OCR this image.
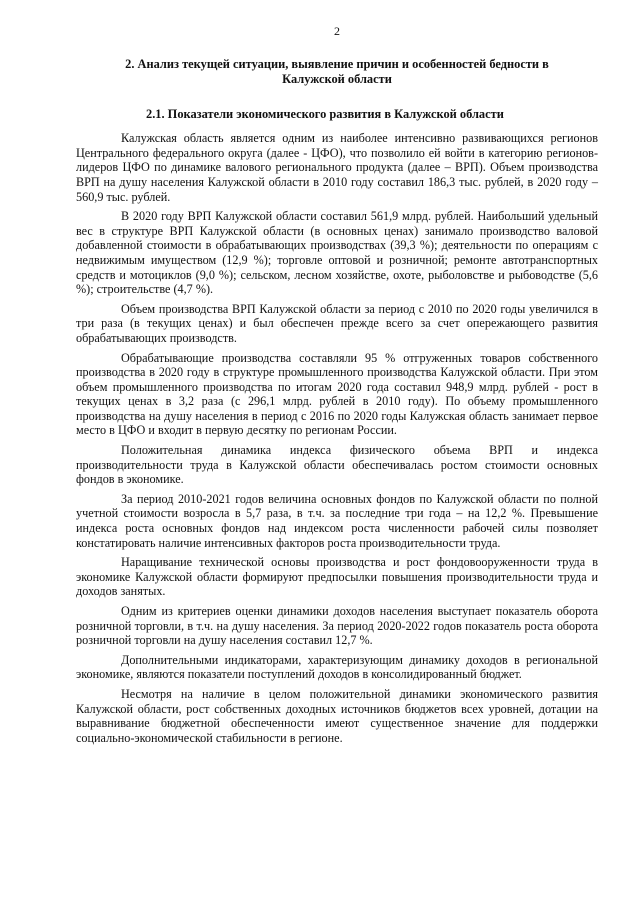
2
2. Анализ текущей ситуации, выявление причин и особенностей бедности в Калужской области
2.1. Показатели экономического развития в Калужской области

Калужская область является одним из наиболее интенсивно развивающихся регионов Центрального федерального округа (далее - ЦФО), что позволило ей войти в категорию регионов-лидеров ЦФО по динамике валового регионального продукта (далее – ВРП). Объем производства ВРП на душу населения Калужской области в 2010 году составил 186,3 тыс. рублей, в 2020 году – 560,9 тыс. рублей.

В 2020 году ВРП Калужской области составил 561,9 млрд. рублей. Наибольший удельный вес в структуре ВРП Калужской области (в основных ценах) занимало производство валовой добавленной стоимости в обрабатывающих производствах (39,3 %); деятельности по операциям с недвижимым имуществом (12,9 %); торговле оптовой и розничной; ремонте автотранспортных средств и мотоциклов (9,0 %); сельском, лесном хозяйстве, охоте, рыболовстве и рыбоводстве (5,6 %); строительстве (4,7 %).

Объем производства ВРП Калужской области за период с 2010 по 2020 годы увеличился в три раза (в текущих ценах) и был обеспечен прежде всего за счет опережающего развития обрабатывающих производств.

Обрабатывающие производства составляли 95 % отгруженных товаров собственного производства в 2020 году в структуре промышленного производства Калужской области. При этом объем промышленного производства по итогам 2020 года составил 948,9 млрд. рублей - рост в текущих ценах в 3,2 раза (с 296,1 млрд. рублей в 2010 году). По объему промышленного производства на душу населения в период с 2016 по 2020 годы Калужская область занимает первое место в ЦФО и входит в первую десятку по регионам России.

Положительная динамика индекса физического объема ВРП и индекса производительности труда в Калужской области обеспечивалась ростом стоимости основных фондов в экономике.

За период 2010-2021 годов величина основных фондов по Калужской области по полной учетной стоимости возросла в 5,7 раза, в т.ч. за последние три года – на 12,2 %. Превышение индекса роста основных фондов над индексом роста численности рабочей силы позволяет констатировать наличие интенсивных факторов роста производительности труда.

Наращивание технической основы производства и рост фондовооруженности труда в экономике Калужской области формируют предпосылки повышения производительности труда и доходов занятых.

Одним из критериев оценки динамики доходов населения выступает показатель оборота розничной торговли, в т.ч. на душу населения. За период 2020-2022 годов показатель роста оборота розничной торговли на душу населения составил 12,7 %.

Дополнительными индикаторами, характеризующим динамику доходов в региональной экономике, являются показатели поступлений доходов в консолидированный бюджет.

Несмотря на наличие в целом положительной динамики экономического развития Калужской области, рост собственных доходных источников бюджетов всех уровней, дотации на выравнивание бюджетной обеспеченности имеют существенное значение для поддержки социально-экономической стабильности в регионе.
